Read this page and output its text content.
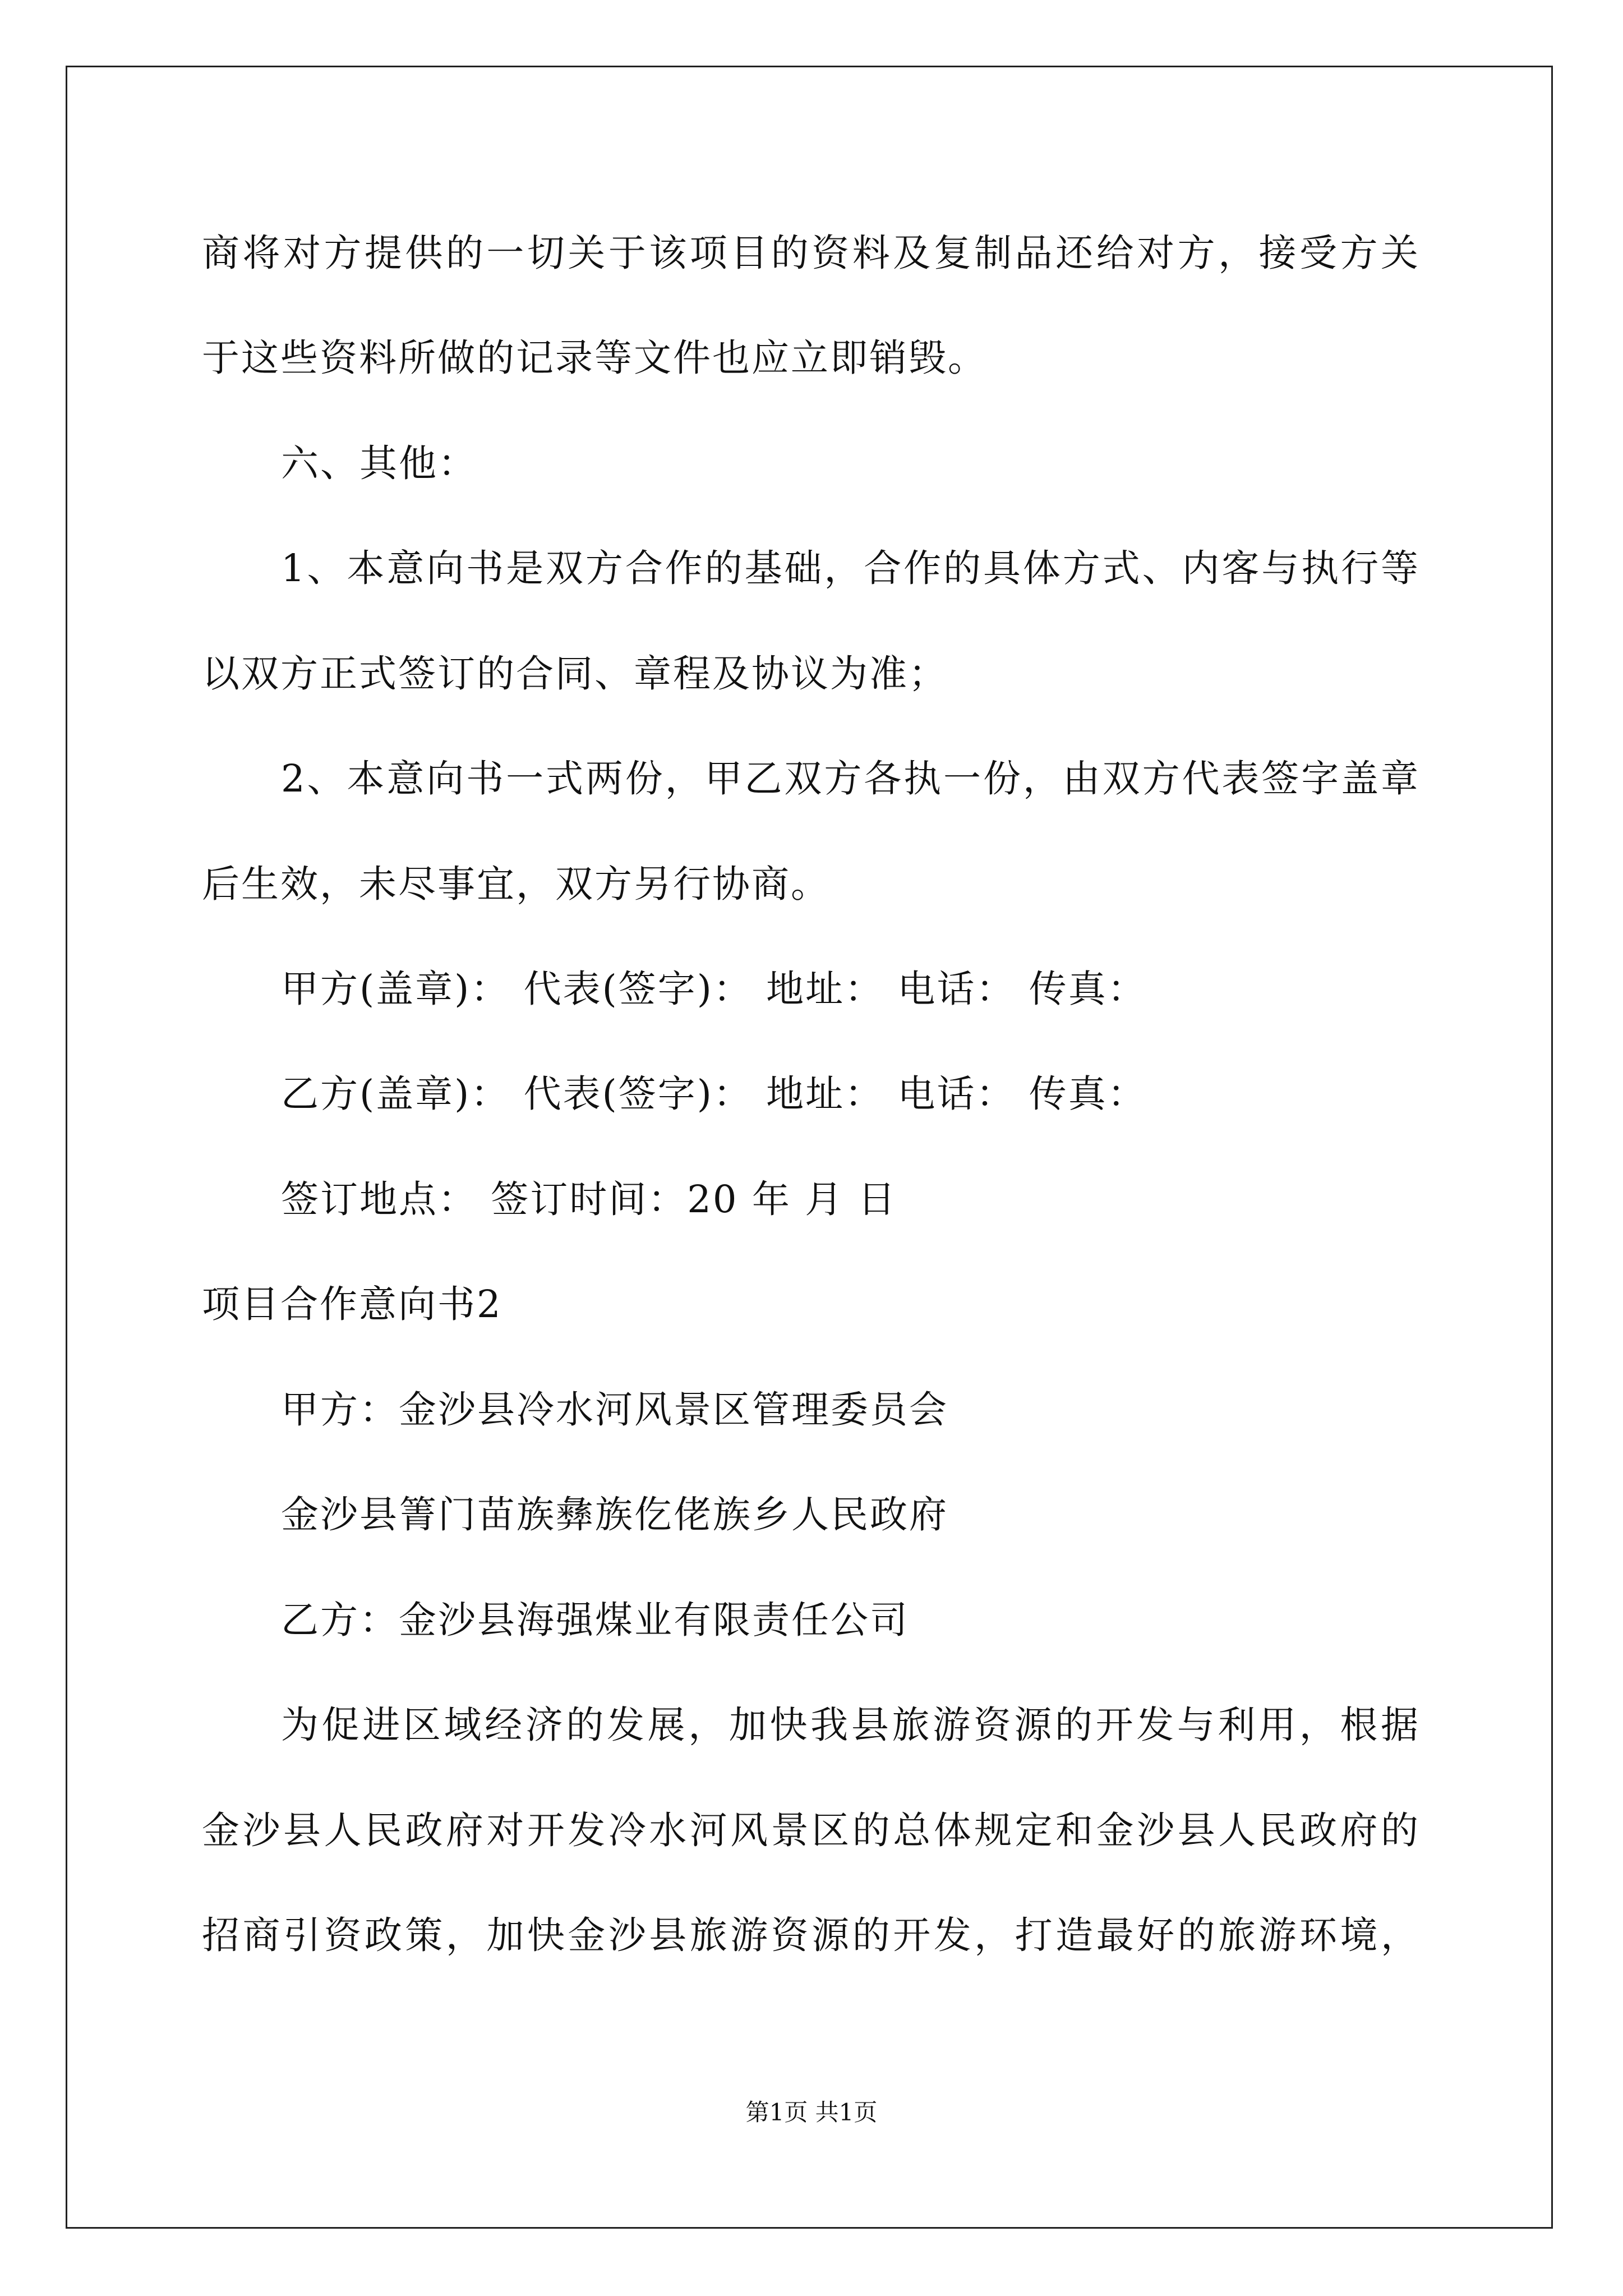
商将对方提供的一切关于该项目的资料及复制品还给对方，接受方关
于这些资料所做的记录等文件也应立即销毁。
六、其他：
1、本意向书是双方合作的基础，合作的具体方式、内客与执行等
以双方正式签订的合同、章程及协议为准；
2、本意向书一式两份，甲乙双方各执一份，由双方代表签字盖章
后生效，未尽事宜，双方另行协商。
甲方(盖章)： 代表(签字)： 地址： 电话： 传真：
乙方(盖章)： 代表(签字)： 地址： 电话： 传真：
签订地点： 签订时间：20 年 月 日
项目合作意向书2
甲方：金沙县冷水河风景区管理委员会
金沙县箐门苗族彝族仡佬族乡人民政府
乙方：金沙县海强煤业有限责任公司
为促进区域经济的发展，加快我县旅游资源的开发与利用，根据
金沙县人民政府对开发冷水河风景区的总体规定和金沙县人民政府的
招商引资政策，加快金沙县旅游资源的开发，打造最好的旅游环境，
第1页 共1页
